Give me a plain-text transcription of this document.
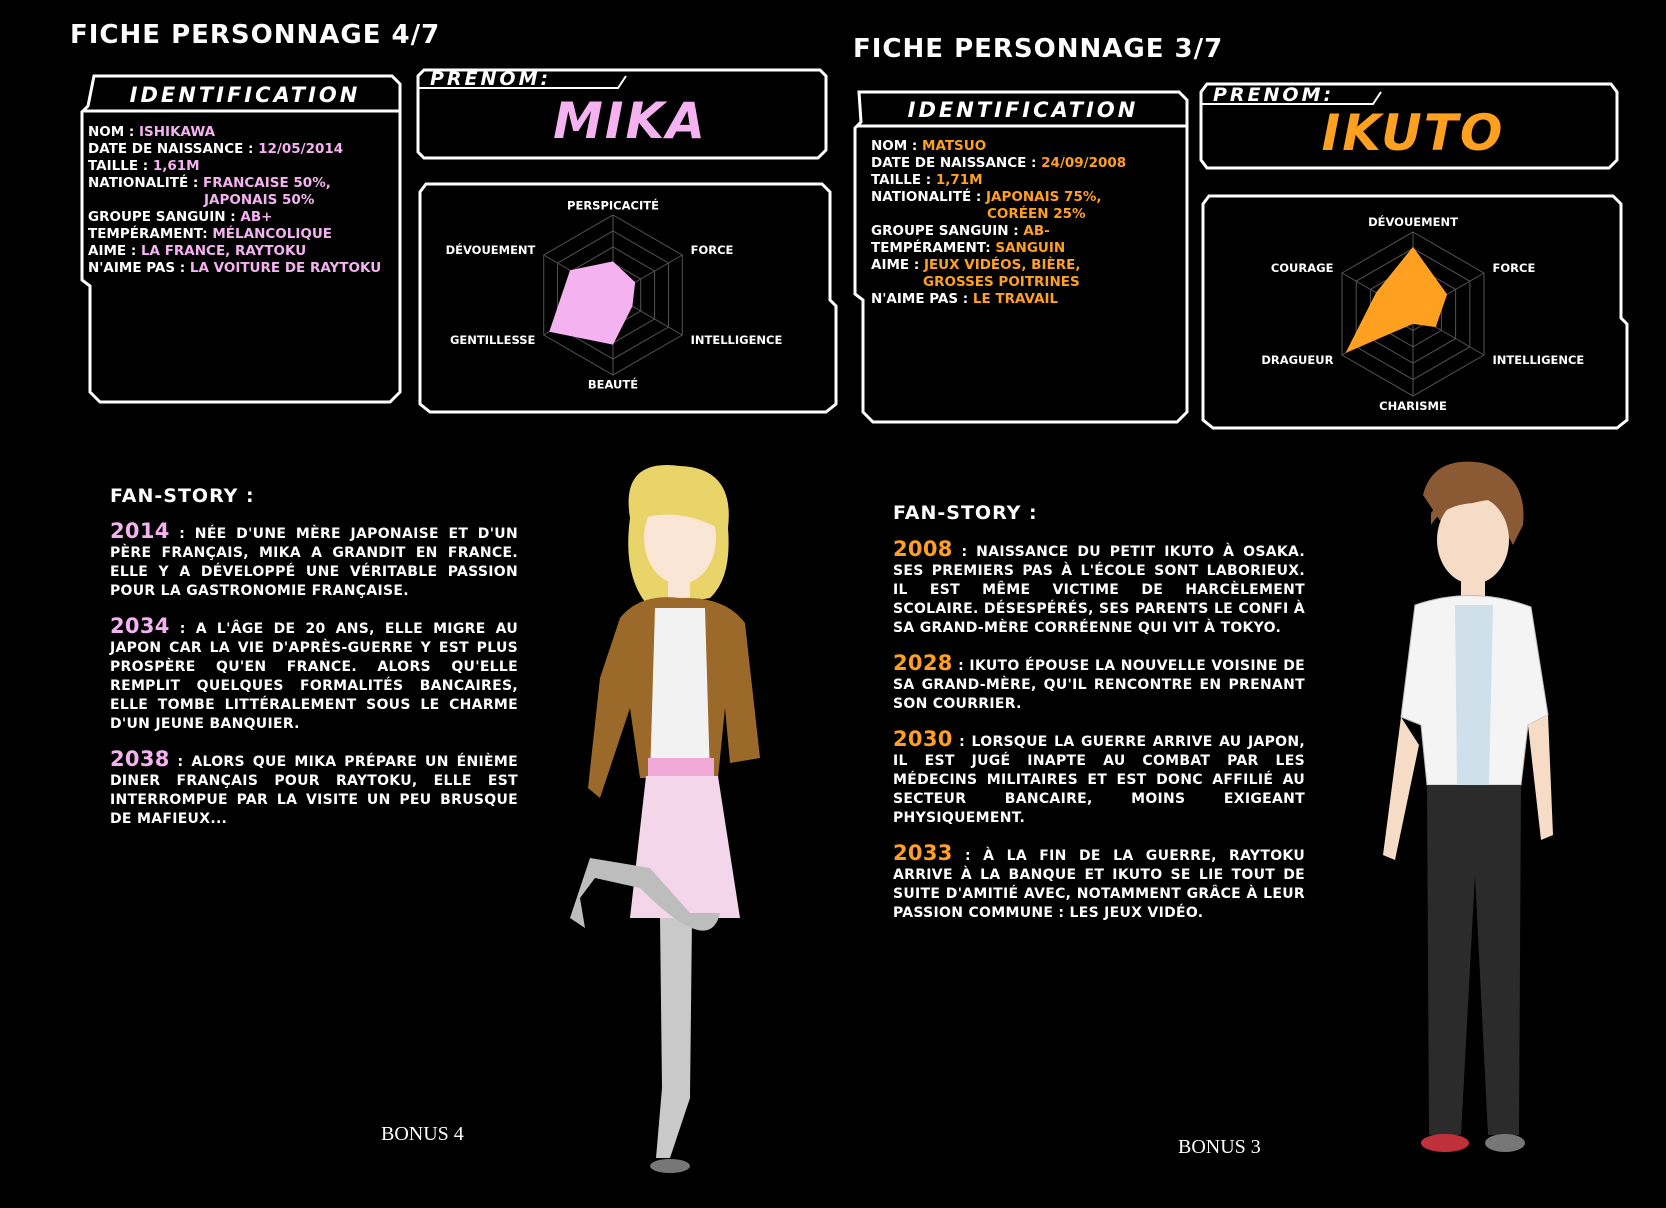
FICHE PERSONNAGE 4/7
IDENTIFICATION
NOM : ISHIKAWA
DATE DE NAISSANCE : 12/05/2014
TAILLE : 1,61M
NATIONALITÉ : FRANCAISE 50%,
JAPONAIS 50%
GROUPE SANGUIN : AB+
TEMPÉRAMENT: MÉLANCOLIQUE
AIME : LA FRANCE, RAYTOKU
N'AIME PAS : LA VOITURE DE RAYTOKU
PRENOM:
MIKA
PERSPICACITÉ
FORCE
INTELLIGENCE
BEAUTÉ
GENTILLESSE
DÉVOUEMENT
FAN-STORY :

2014 : NÉE D'UNE MÈRE JAPONAISE ET D'UN PÈRE FRANÇAIS, MIKA A GRANDIT EN FRANCE. ELLE Y A DÉVELOPPÉ UNE VÉRITABLE PASSION POUR LA GASTRONOMIE FRANÇAISE.

2034 : A L'ÂGE DE 20 ANS, ELLE MIGRE AU JAPON CAR LA VIE D'APRÈS-GUERRE Y EST PLUS PROSPÈRE QU'EN FRANCE. ALORS QU'ELLE REMPLIT QUELQUES FORMALITÉS BANCAIRES, ELLE TOMBE LITTÉRALEMENT SOUS LE CHARME D'UN JEUNE BANQUIER.

2038 : ALORS QUE MIKA PRÉPARE UN ÉNIÈME DINER FRANÇAIS POUR RAYTOKU, ELLE EST INTERROMPUE PAR LA VISITE UN PEU BRUSQUE DE MAFIEUX...

BONUS 4
FICHE PERSONNAGE 3/7
IDENTIFICATION
NOM : MATSUO
DATE DE NAISSANCE : 24/09/2008
TAILLE : 1,71M
NATIONALITÉ : JAPONAIS 75%,
CORÉEN 25%
GROUPE SANGUIN : AB-
TEMPÉRAMENT: SANGUIN
AIME : JEUX VIDÉOS, BIÈRE,
GROSSES POITRINES
N'AIME PAS : LE TRAVAIL
PRENOM:
IKUTO
DÉVOUEMENT
FORCE
INTELLIGENCE
CHARISME
DRAGUEUR
COURAGE
FAN-STORY :

2008 : NAISSANCE DU PETIT IKUTO À OSAKA. SES PREMIERS PAS À L'ÉCOLE SONT LABORIEUX. IL EST MÊME VICTIME DE HARCÈLEMENT SCOLAIRE. DÉSESPÉRÉS, SES PARENTS LE CONFI À SA GRAND-MÈRE CORRÉENNE QUI VIT À TOKYO.

2028 : IKUTO ÉPOUSE LA NOUVELLE VOISINE DE SA GRAND-MÈRE, QU'IL RENCONTRE EN PRENANT SON COURRIER.

2030 : LORSQUE LA GUERRE ARRIVE AU JAPON, IL EST JUGÉ INAPTE AU COMBAT PAR LES MÉDECINS MILITAIRES ET EST DONC AFFILIÉ AU SECTEUR BANCAIRE, MOINS EXIGEANT PHYSIQUEMENT.

2033 : À LA FIN DE LA GUERRE, RAYTOKU ARRIVE À LA BANQUE ET IKUTO SE LIE TOUT DE SUITE D'AMITIÉ AVEC, NOTAMMENT GRÂCE À LEUR PASSION COMMUNE : LES JEUX VIDÉO.

BONUS 3
